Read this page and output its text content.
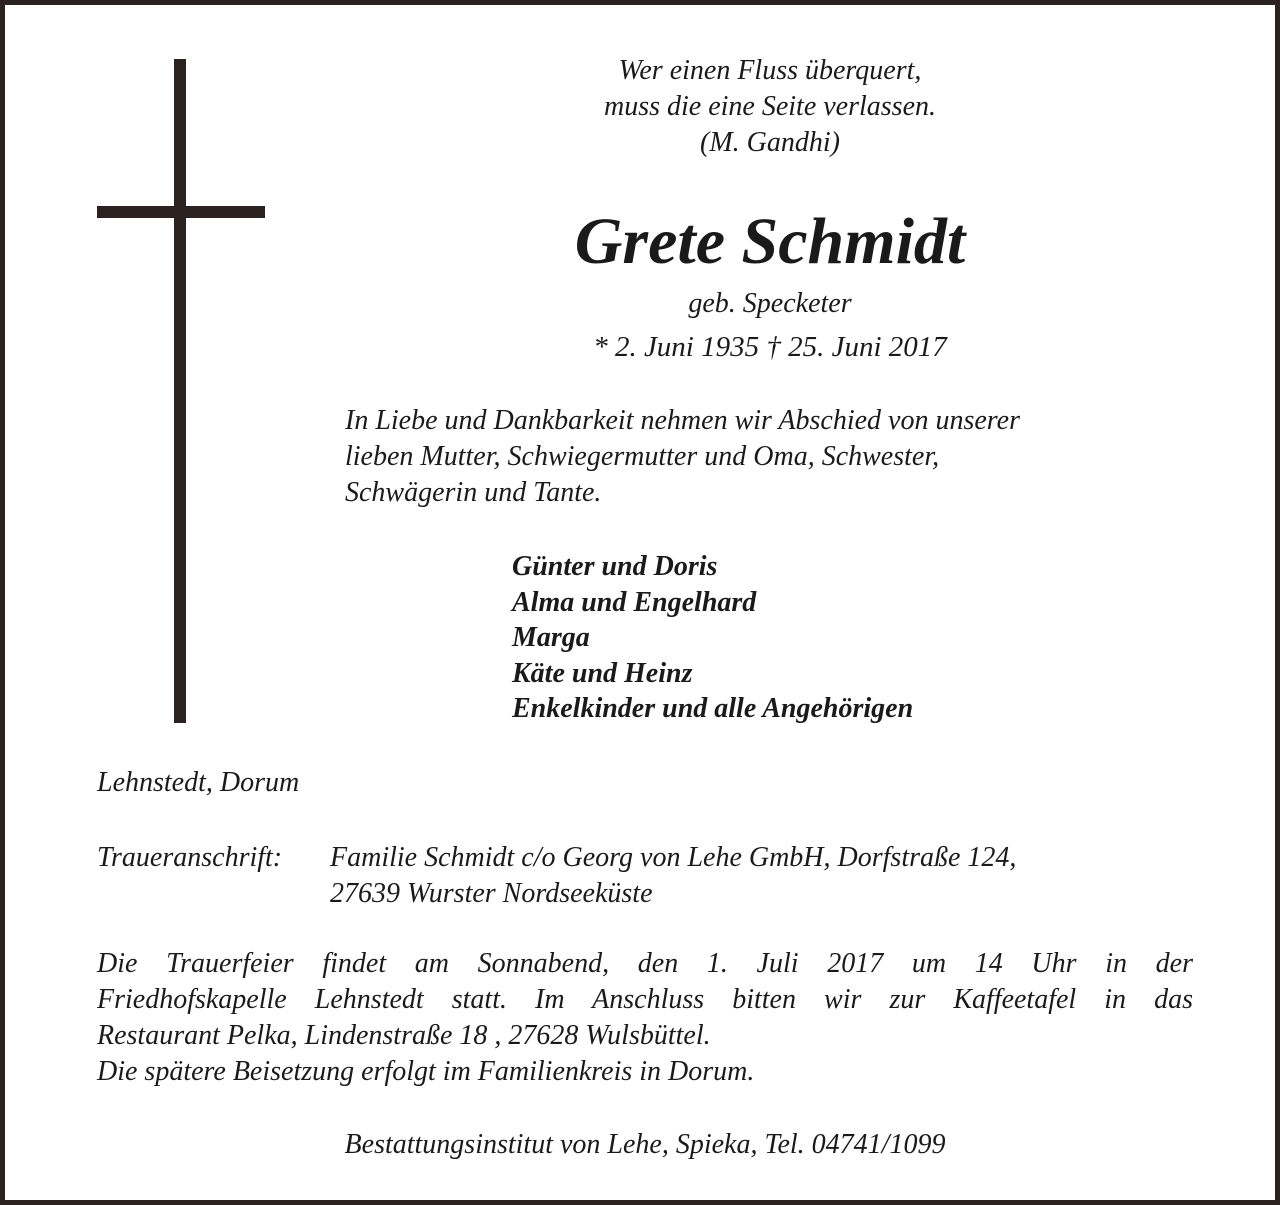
Wer einen Fluss überquert,
muss die eine Seite verlassen.
(M. Gandhi)
Grete Schmidt
geb. Specketer
* 2. Juni 1935 † 25. Juni 2017
In Liebe und Dankbarkeit nehmen wir Abschied von unserer
lieben Mutter, Schwiegermutter und Oma, Schwester,
Schwägerin und Tante.
Günter und Doris
Alma und Engelhard
Marga
Käte und Heinz
Enkelkinder und alle Angehörigen
Lehnstedt, Dorum
Traueranschrift: Familie Schmidt c/o Georg von Lehe GmbH, Dorfstraße 124,
27639 Wurster Nordseeküste
Die Trauerfeier findet am Sonnabend, den 1. Juli 2017 um 14 Uhr in der
Friedhofskapelle Lehnstedt statt. Im Anschluss bitten wir zur Kaffeetafel in das
Restaurant Pelka, Lindenstraße 18 , 27628 Wulsbüttel.
Die spätere Beisetzung erfolgt im Familienkreis in Dorum.
Bestattungsinstitut von Lehe, Spieka, Tel. 04741/1099
